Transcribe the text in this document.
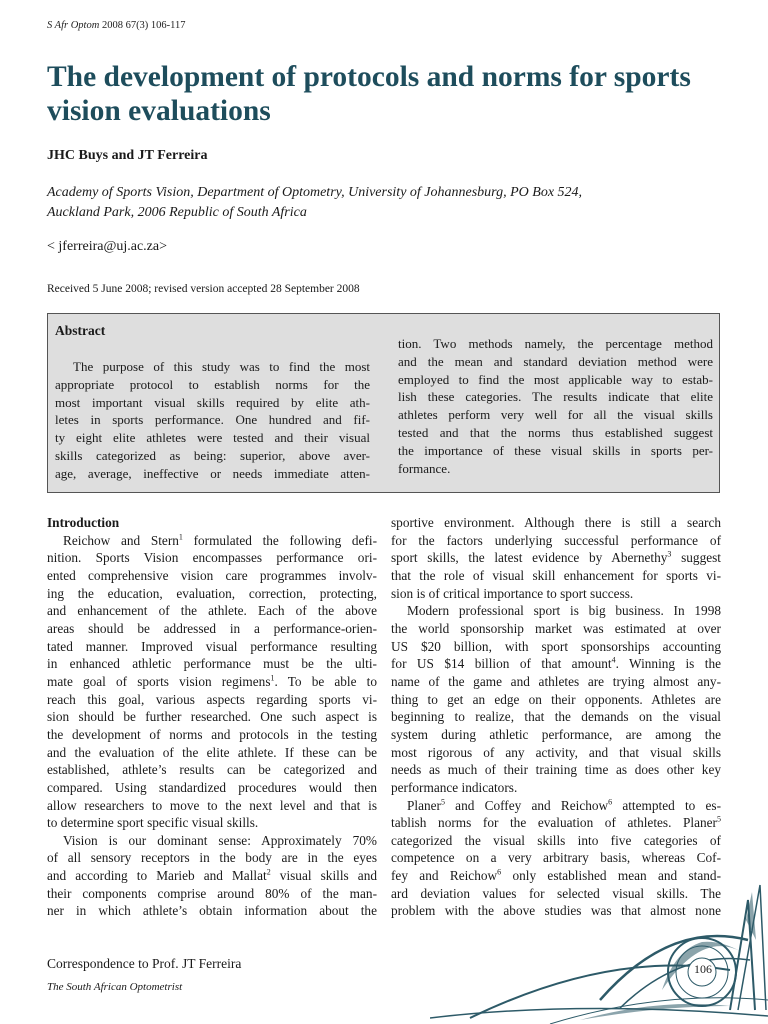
S Afr Optom 2008 67(3) 106-117
The development of protocols and norms for sports vision evaluations
JHC Buys and JT Ferreira
Academy of Sports Vision, Department of Optometry, University of Johannesburg, PO Box 524,
Auckland Park, 2006 Republic of South Africa
< jferreira@uj.ac.za>
Received 5 June 2008; revised version accepted 28 September 2008
Abstract
The purpose of this study was to find the most
appropriate protocol to establish norms for the
most important visual skills required by elite ath-
letes in sports performance. One hundred and fif-
ty eight elite athletes were tested and their visual
skills categorized as being: superior, above aver-
age, average, ineffective or needs immediate atten-
tion. Two methods namely, the percentage method
and the mean and standard deviation method were
employed to find the most applicable way to estab-
lish these categories. The results indicate that elite
athletes perform very well for all the visual skills
tested and that the norms thus established suggest
the importance of these visual skills in sports per-
formance.
Introduction
Reichow and Stern$^1$ formulated the following defi-
nition. Sports Vision encompasses performance ori-
ented comprehensive vision care programmes involv-
ing the education, evaluation, correction, protecting,
and enhancement of the athlete. Each of the above
areas should be addressed in a performance-orien-
tated manner. Improved visual performance resulting
in enhanced athletic performance must be the ulti-
mate goal of sports vision regimens$^1$. To be able to
reach this goal, various aspects regarding sports vi-
sion should be further researched. One such aspect is
the development of norms and protocols in the testing
and the evaluation of the elite athlete. If these can be
established, athlete’s results can be categorized and
compared. Using standardized procedures would then
allow researchers to move to the next level and that is
to determine sport specific visual skills.
Vision is our dominant sense: Approximately 70%
of all sensory receptors in the body are in the eyes
and according to Marieb and Mallat$^2$ visual skills and
their components comprise around 80% of the man-
ner in which athlete’s obtain information about the
sportive environment. Although there is still a search
for the factors underlying successful performance of
sport skills, the latest evidence by Abernethy$^3$ suggest
that the role of visual skill enhancement for sports vi-
sion is of critical importance to sport success.
Modern professional sport is big business. In 1998
the world sponsorship market was estimated at over
US $20 billion, with sport sponsorships accounting
for US $14 billion of that amount$^4$. Winning is the
name of the game and athletes are trying almost any-
thing to get an edge on their opponents. Athletes are
beginning to realize, that the demands on the visual
system during athletic performance, are among the
most rigorous of any activity, and that visual skills
needs as much of their training time as does other key
performance indicators.
Planer$^5$ and Coffey and Reichow$^6$ attempted to es-
tablish norms for the evaluation of athletes. Planer$^5$
categorized the visual skills into five categories of
competence on a very arbitrary basis, whereas Cof-
fey and Reichow$^6$ only established mean and stand-
ard deviation values for selected visual skills. The
problem with the above studies was that almost none
Correspondence to Prof. JT Ferreira
The South African Optometrist
106
